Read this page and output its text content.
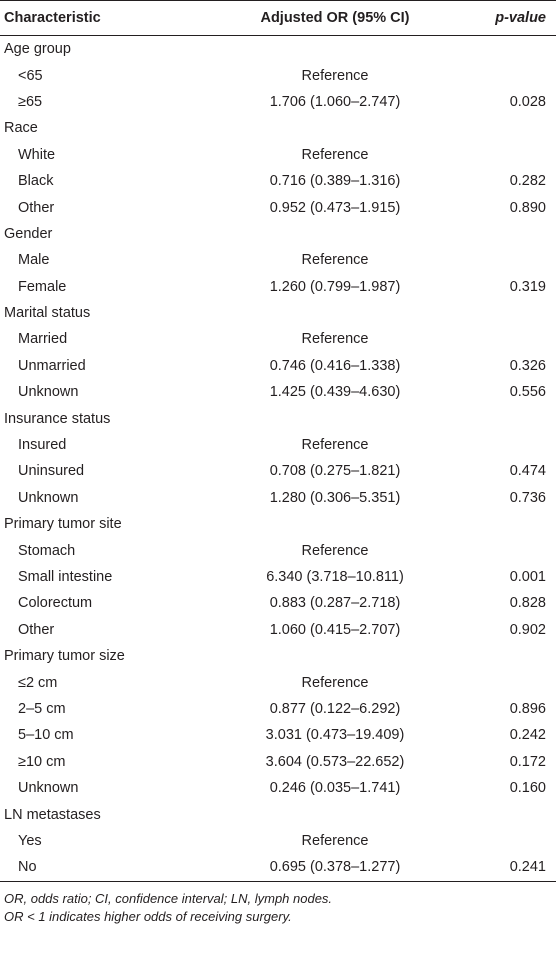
Characteristic	Adjusted OR (95% CI)	p-value
Age group		
<65	Reference	
≥65	1.706 (1.060–2.747)	0.028
Race		
White	Reference	
Black	0.716 (0.389–1.316)	0.282
Other	0.952 (0.473–1.915)	0.890
Gender		
Male	Reference	
Female	1.260 (0.799–1.987)	0.319
Marital status		
Married	Reference	
Unmarried	0.746 (0.416–1.338)	0.326
Unknown	1.425 (0.439–4.630)	0.556
Insurance status		
Insured	Reference	
Uninsured	0.708 (0.275–1.821)	0.474
Unknown	1.280 (0.306–5.351)	0.736
Primary tumor site		
Stomach	Reference	
Small intestine	6.340 (3.718–10.811)	0.001
Colorectum	0.883 (0.287–2.718)	0.828
Other	1.060 (0.415–2.707)	0.902
Primary tumor size		
≤2 cm	Reference	
2–5 cm	0.877 (0.122–6.292)	0.896
5–10 cm	3.031 (0.473–19.409)	0.242
≥10 cm	3.604 (0.573–22.652)	0.172
Unknown	0.246 (0.035–1.741)	0.160
LN metastases		
Yes	Reference	
No	0.695 (0.378–1.277)	0.241
OR, odds ratio; CI, confidence interval; LN, lymph nodes.
OR < 1 indicates higher odds of receiving surgery.
